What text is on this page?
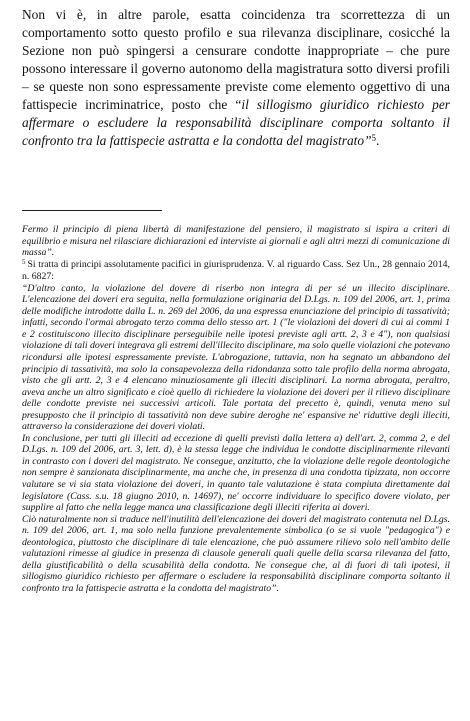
Non vi è, in altre parole, esatta coincidenza tra scorrettezza di un comportamento sotto questo profilo e sua rilevanza disciplinare, cosicché la Sezione non può spingersi a censurare condotte inappropriate – che pure possono interessare il governo autonomo della magistratura sotto diversi profili – se queste non sono espressamente previste come elemento oggettivo di una fattispecie incriminatrice, posto che “il sillogismo giuridico richiesto per affermare o escludere la responsabilità disciplinare comporta soltanto il confronto tra la fattispecie astratta e la condotta del magistrato”$^5$.

Fermo il principio di piena libertà di manifestazione del pensiero, il magistrato si ispira a criteri di equilibrio e misura nel rilasciare dichiarazioni ed interviste ai giornali e agli altri mezzi di comunicazione di massa”.

$^5$ Si tratta di principi assolutamente pacifici in giurisprudenza. V. al riguardo Cass. Sez Un., 28 gennaio 2014, n. 6827:

“D'altro canto, la violazione del dovere di riserbo non integra di per sé un illecito disciplinare. L'elencazione dei doveri era seguita, nella formulazione originaria del D.Lgs. n. 109 del 2006, art. 1, prima delle modifiche introdotte dalla L. n. 269 del 2006, da una espressa enunciazione del principio di tassatività; infatti, secondo l'ormai abrogato terzo comma dello stesso art. 1 ("le violazioni dei doveri di cui ai commi 1 e 2 costituiscono illecito disciplinare perseguibile nelle ipotesi previste agli artt. 2, 3 e 4"), non qualsiasi violazione di tali doveri integrava gli estremi dell'illecito disciplinare, ma solo quelle violazioni che potevano ricondursi alle ipotesi espressamente previste. L'abrogazione, tuttavia, non ha segnato un abbandono del principio di tassatività, ma solo la consapevolezza della ridondanza sotto tale profilo della norma abrogata, visto che gli artt. 2, 3 e 4 elencano minuziosamente gli illeciti disciplinari. La norma abrogata, peraltro, aveva anche un altro significato e cioè quello di richiedere la violazione dei doveri per il rilievo disciplinare delle condotte previste nei successivi articoli. Tale portata del precetto è, quindi, venuta meno sul presupposto che il principio di tassatività non deve subire deroghe ne' espansive ne' riduttive degli illeciti, attraverso la considerazione dei doveri violati.

In conclusione, per tutti gli illeciti ad eccezione di quelli previsti dalla lettera a) dell'art. 2, comma 2, e del D.Lgs. n. 109 del 2006, art. 3, lett. d), è la stessa legge che individua le condotte disciplinarmente rilevanti in contrasto con i doveri del magistrato. Ne consegue, anzitutto, che la violazione delle regole deontologiche non sempre è sanzionata disciplinarmente, ma anche che, in presenza di una condotta tipizzata, non occorre valutare se vi sia stata violazione dei doveri, in quanto tale valutazione è stata compiuta direttamente dal legislatore (Cass. s.u. 18 giugno 2010, n. 14697), ne' occorre individuare lo specifico dovere violato, per supplire al fatto che nella legge manca una classificazione degli illeciti riferita ai doveri.

Ciò naturalmente non si traduce nell'inutilità dell'elencazione dei doveri del magistrato contenuta nel D.Lgs. n. 109 del 2006, art. 1, ma solo nella funzione prevalentemente simbolica (o se si vuole "pedagogica") e deontologica, piuttosto che disciplinare di tale elencazione, che può assumere rilievo solo nell'ambito delle valutazioni rimesse al giudice in presenza di clausole generali quali quelle della scarsa rilevanza del fatto, della giustificabilità o della scusabilità della condotta. Ne consegue che, al di fuori di tali ipotesi, il sillogismo giuridico richiesto per affermare o escludere la responsabilità disciplinare comporta soltanto il confronto tra la fattispecie astratta e la condotta del magistrato”.
